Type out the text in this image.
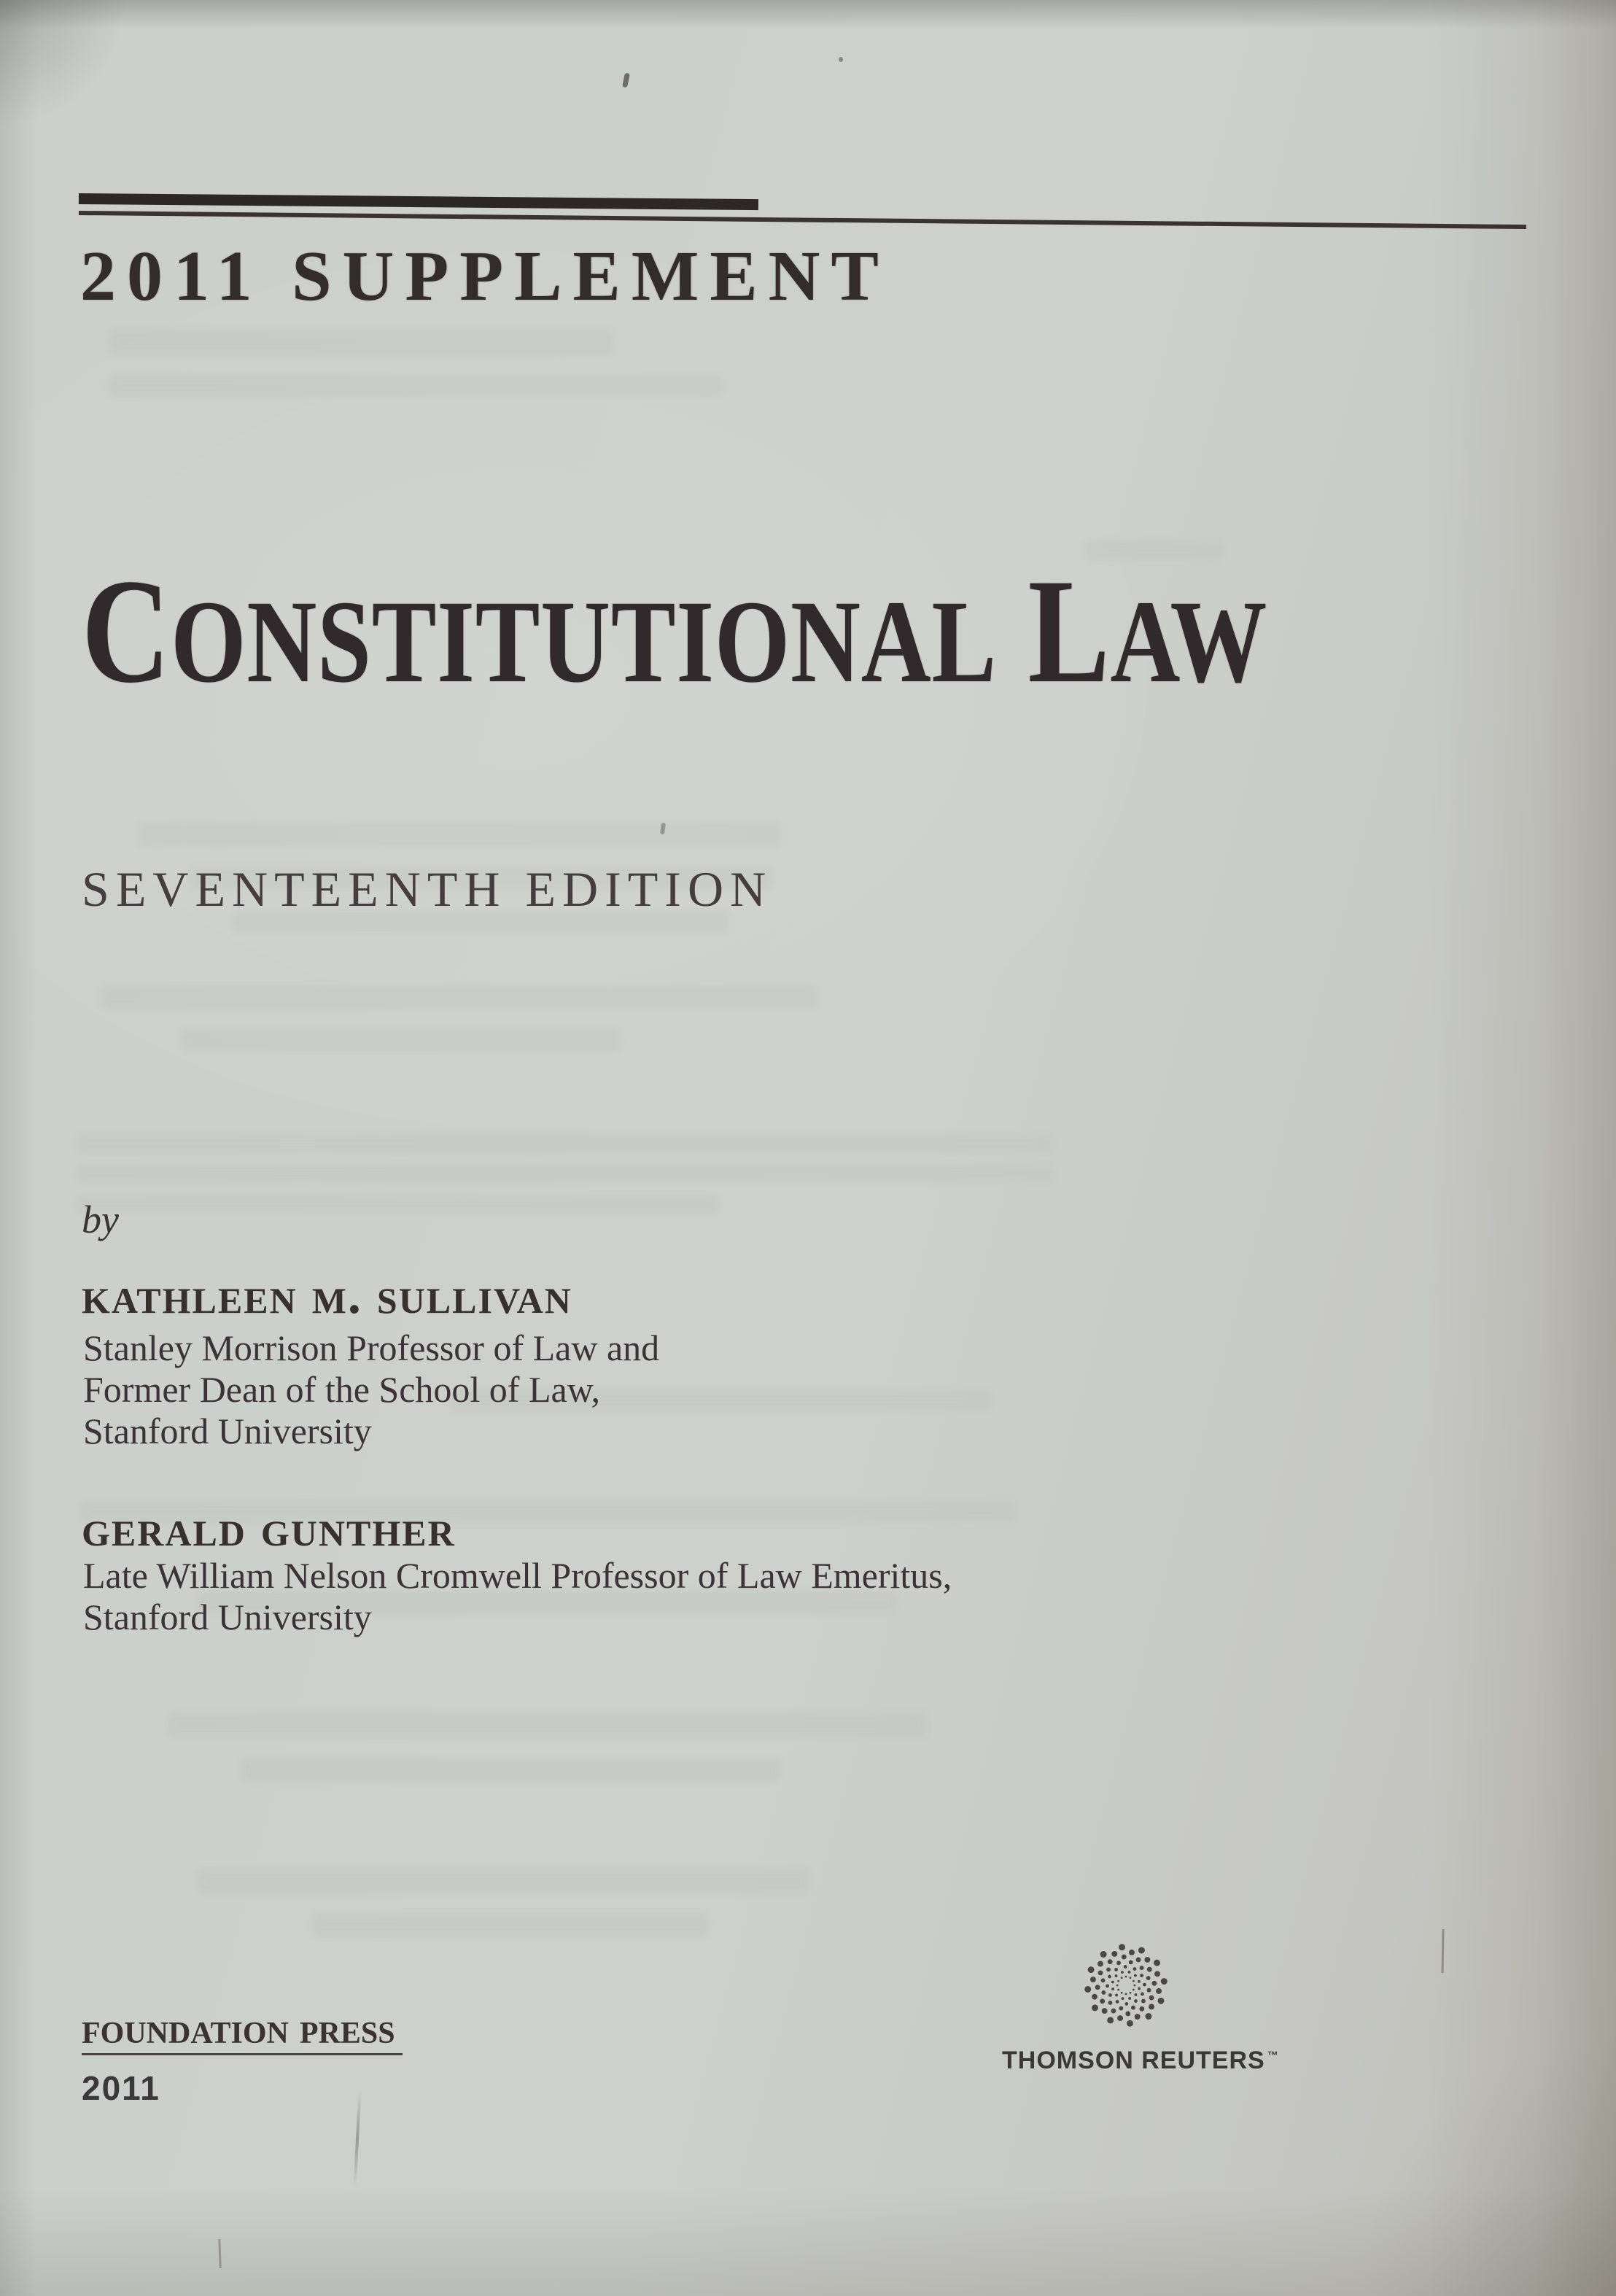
2011 SUPPLEMENT
CONSTITUTIONAL LAW
SEVENTEENTH EDITION
by
kathleen m. sullivan
Stanley Morrison Professor of Law and
Former Dean of the School of Law,
Stanford University
gerald gunther
Late William Nelson Cromwell Professor of Law Emeritus,
Stanford University
foundation press
2011
THOMSON REUTERS ™
